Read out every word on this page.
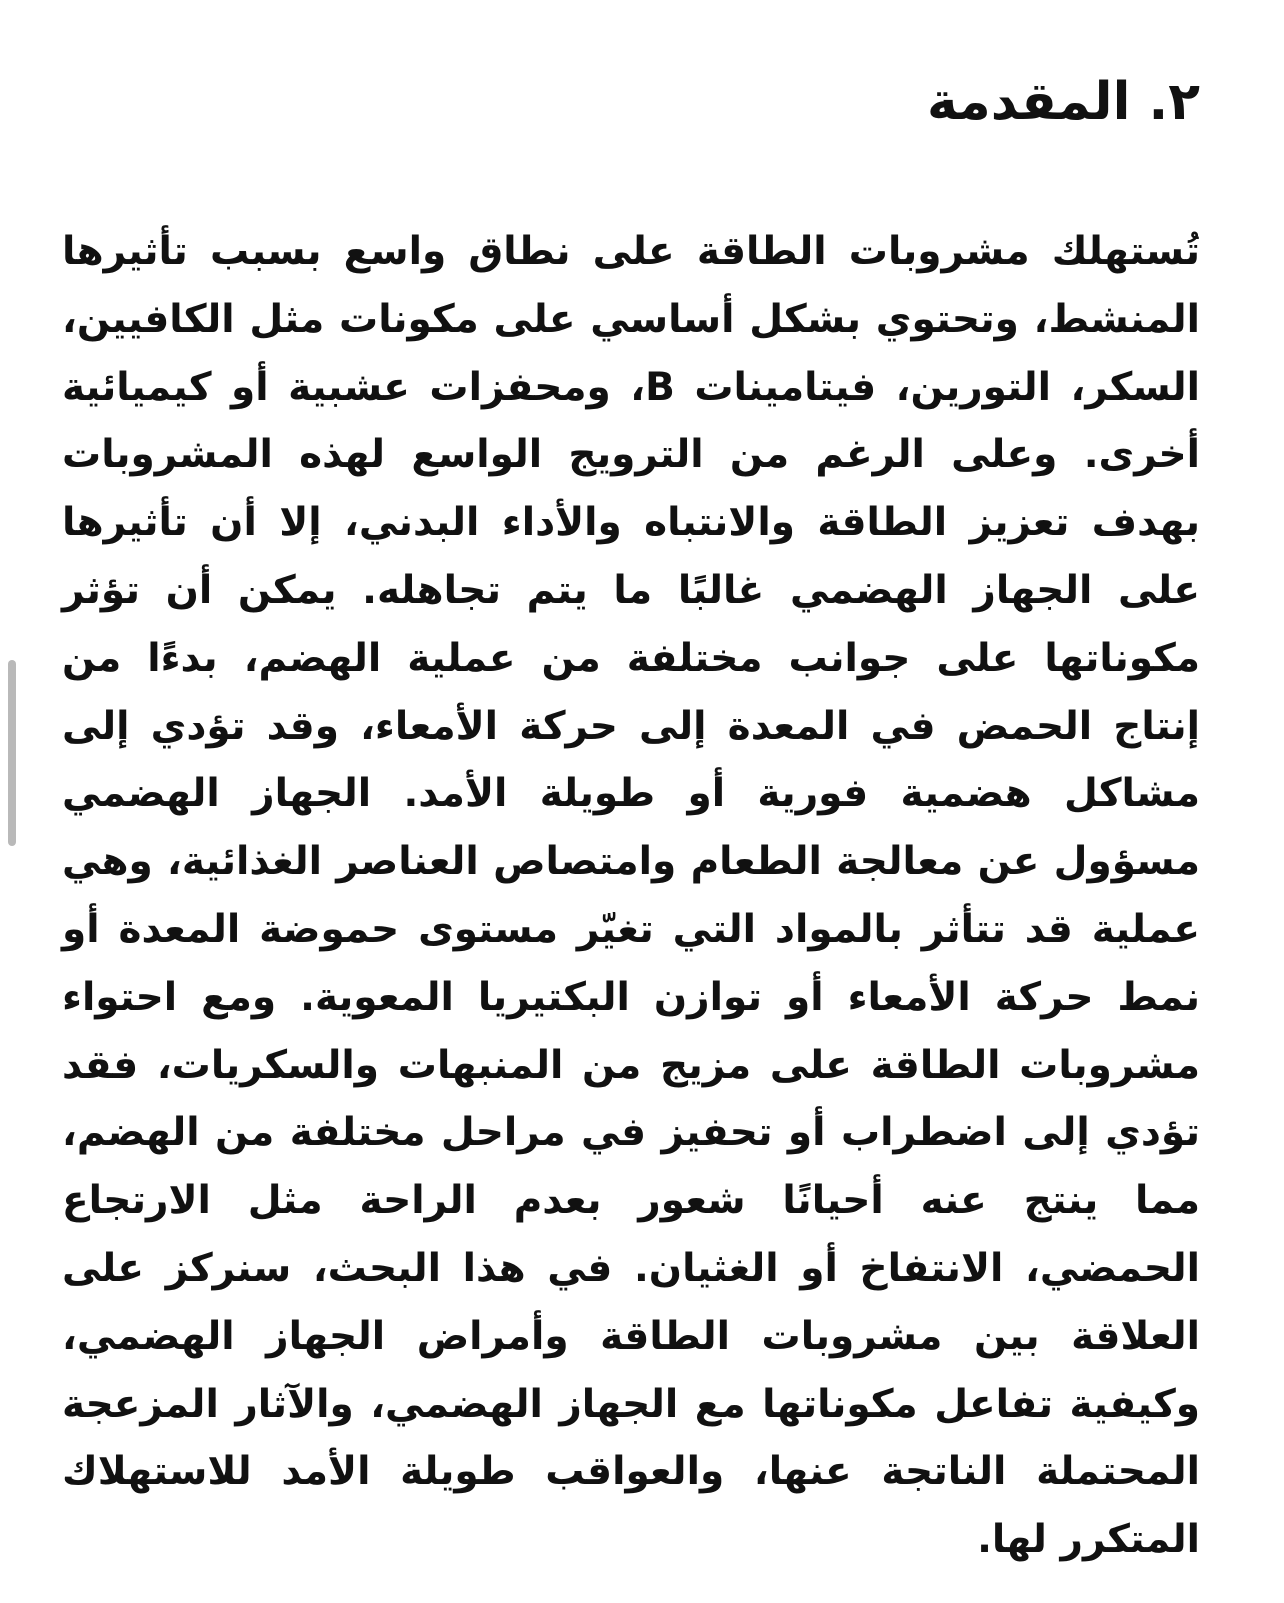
٢. المقدمة

تُستهلك مشروبات الطاقة على نطاق واسع بسبب تأثيرها المنشط، وتحتوي بشكل أساسي على مكونات مثل الكافيين، السكر، التورين، فيتامينات B، ومحفزات عشبية أو كيميائية أخرى. وعلى الرغم من الترويج الواسع لهذه المشروبات بهدف تعزيز الطاقة والانتباه والأداء البدني، إلا أن تأثيرها على الجهاز الهضمي غالبًا ما يتم تجاهله. يمكن أن تؤثر مكوناتها على جوانب مختلفة من عملية الهضم، بدءًا من إنتاج الحمض في المعدة إلى حركة الأمعاء، وقد تؤدي إلى مشاكل هضمية فورية أو طويلة الأمد. الجهاز الهضمي مسؤول عن معالجة الطعام وامتصاص العناصر الغذائية، وهي عملية قد تتأثر بالمواد التي تغيّر مستوى حموضة المعدة أو نمط حركة الأمعاء أو توازن البكتيريا المعوية. ومع احتواء مشروبات الطاقة على مزيج من المنبهات والسكريات، فقد تؤدي إلى اضطراب أو تحفيز في مراحل مختلفة من الهضم، مما ينتج عنه أحيانًا شعور بعدم الراحة مثل الارتجاع الحمضي، الانتفاخ أو الغثيان. في هذا البحث، سنركز على العلاقة بين مشروبات الطاقة وأمراض الجهاز الهضمي، وكيفية تفاعل مكوناتها مع الجهاز الهضمي، والآثار المزعجة المحتملة الناتجة عنها، والعواقب طويلة الأمد للاستهلاك المتكرر لها.
